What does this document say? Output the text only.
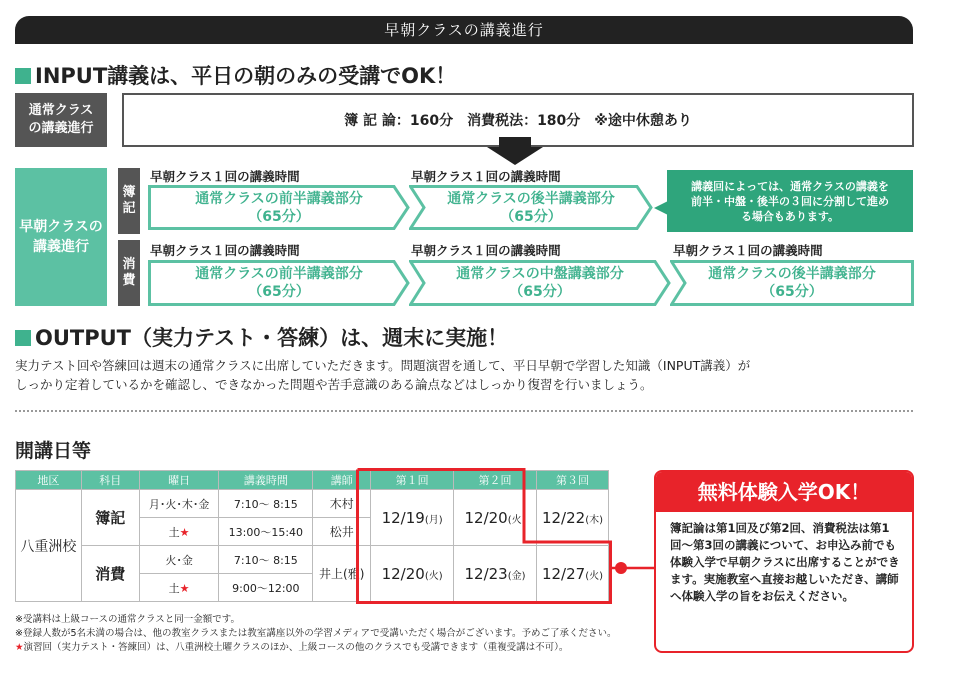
早朝クラスの講義進行
INPUT講義は、平日の朝のみの受講でOK！
通常クラスの講義進行	簿 記 論：160分　消費税法：180分　※途中休憩あり
早朝クラスの講義進行
簿記
消費
早朝クラス１回の講義時間	早朝クラス１回の講義時間
早朝クラス１回の講義時間	早朝クラス１回の講義時間	早朝クラス１回の講義時間
通常クラスの前半講義部分
（65分）
通常クラスの後半講義部分
（65分）
講義回によっては、通常クラスの講義を前半・中盤・後半の３回に分割して進める場合もあります。
通常クラスの前半講義部分
（65分）
通常クラスの中盤講義部分
（65分）
通常クラスの後半講義部分
（65分）
OUTPUT（実力テスト・答練）は、週末に実施！
実力テスト回や答練回は週末の通常クラスに出席していただきます。問題演習を通して、平日早朝で学習した知識（INPUT講義）が
しっかり定着しているかを確認し、できなかった問題や苦手意識のある論点などはしっかり復習を行いましょう。
開講日等
地区	科目	曜日	講義時間	講師	第１回	第２回	第３回
八重洲校	簿記	月･火･木･金	7:10～ 8:15	木村	12/19(月)	12/20(火)	12/22(木)
		土★	13:00～15:40	松井			
	消費	火･金	7:10～ 8:15	井上(雅)	12/20(火)	12/23(金)	12/27(火)
		土★	9:00～12:00				
無料体験入学OK！
簿記論は第1回及び第2回、消費税法は第1回～第3回の講義について、お申込み前でも体験入学で早朝クラスに出席することができます。実施教室へ直接お越しいただき、講師へ体験入学の旨をお伝えください。
※受講料は上級コースの通常クラスと同一金額です。
※登録人数が5名未満の場合は、他の教室クラスまたは教室講座以外の学習メディアで受講いただく場合がございます。予めご了承ください。
★演習回（実力テスト・答練回）は、八重洲校土曜クラスのほか、上級コースの他のクラスでも受講できます（重複受講は不可）。
